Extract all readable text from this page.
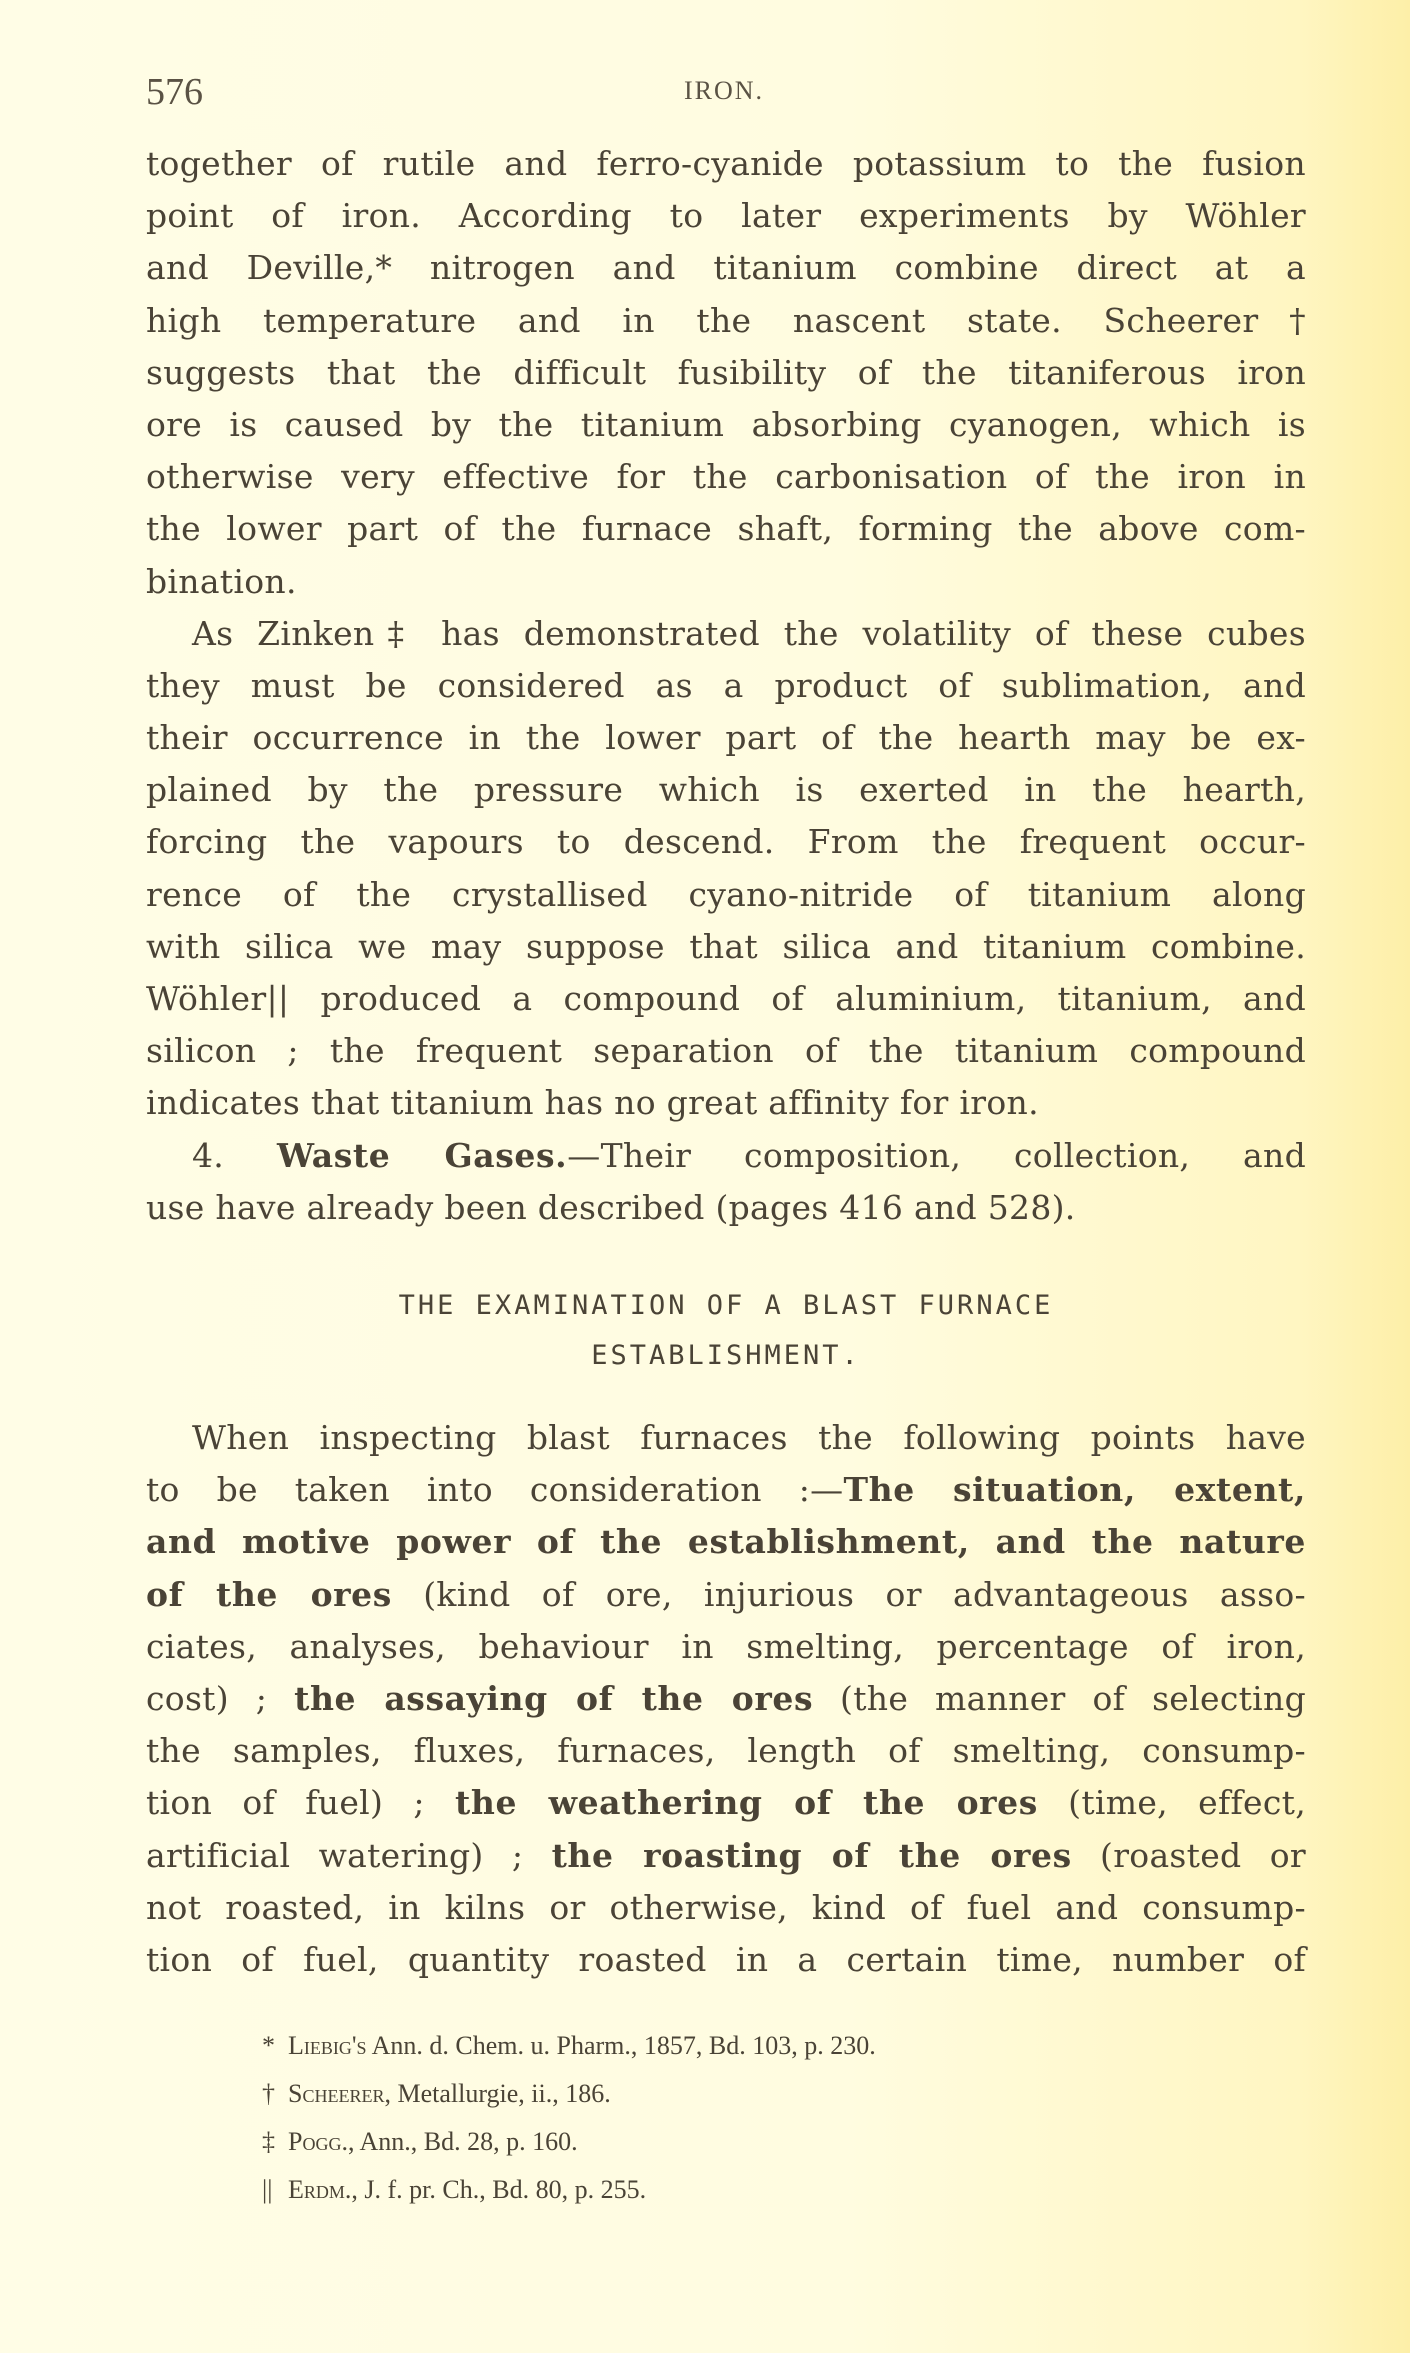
576	IRON.
together of rutile and ferro-cyanide potassium to the fusion
point of iron. According to later experiments by Wöhler
and Deville,* nitrogen and titanium combine direct at a
high temperature and in the nascent state. Scheerer†
suggests that the difficult fusibility of the titaniferous iron
ore is caused by the titanium absorbing cyanogen, which is
otherwise very effective for the carbonisation of the iron in
the lower part of the furnace shaft, forming the above com-
bination.
As Zinken‡ has demonstrated the volatility of these cubes
they must be considered as a product of sublimation, and
their occurrence in the lower part of the hearth may be ex-
plained by the pressure which is exerted in the hearth,
forcing the vapours to descend. From the frequent occur-
rence of the crystallised cyano-nitride of titanium along
with silica we may suppose that silica and titanium combine.
Wöhler|| produced a compound of aluminium, titanium, and
silicon ; the frequent separation of the titanium compound
indicates that titanium has no great affinity for iron.
4. Waste Gases.—Their composition, collection, and
use have already been described (pages 416 and 528).
THE EXAMINATION OF A BLAST FURNACE
ESTABLISHMENT.
When inspecting blast furnaces the following points have
to be taken into consideration :—The situation, extent,
and motive power of the establishment, and the nature
of the ores (kind of ore, injurious or advantageous asso-
ciates, analyses, behaviour in smelting, percentage of iron,
cost) ; the assaying of the ores (the manner of selecting
the samples, fluxes, furnaces, length of smelting, consump-
tion of fuel) ; the weathering of the ores (time, effect,
artificial watering) ; the roasting of the ores (roasted or
not roasted, in kilns or otherwise, kind of fuel and consump-
tion of fuel, quantity roasted in a certain time, number of
* Liebig's Ann. d. Chem. u. Pharm., 1857, Bd. 103, p. 230.
† Scheerer, Metallurgie, ii., 186.
‡ Pogg., Ann., Bd. 28, p. 160.
|| Erdm., J. f. pr. Ch., Bd. 80, p. 255.
